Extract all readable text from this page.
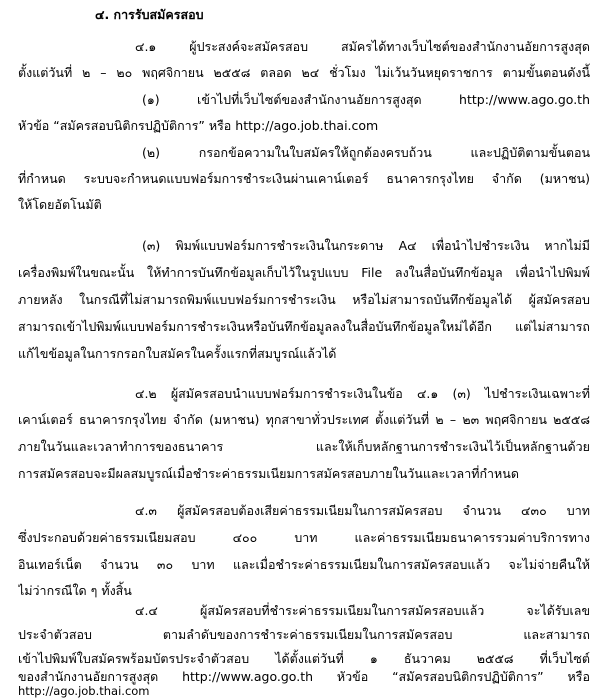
๔. การรับสมัครสอบ
๔.๑ ผู้ประสงค์จะสมัครสอบ สมัครได้ทางเว็บไซต์ของสำนักงานอัยการสูงสุด
ตั้งแต่วันที่ ๒ – ๒๐ พฤศจิกายน ๒๕๕๘ ตลอด ๒๔ ชั่วโมง ไม่เว้นวันหยุดราชการ ตามขั้นตอนดังนี้
(๑) เข้าไปที่เว็บไซต์ของสำนักงานอัยการสูงสุด http://www.ago.go.th
หัวข้อ “สมัครสอบนิติกรปฏิบัติการ” หรือ http://ago.job.thai.com
(๒) กรอกข้อความในใบสมัครให้ถูกต้องครบถ้วน และปฏิบัติตามขั้นตอน
ที่กำหนด ระบบจะกำหนดแบบฟอร์มการชำระเงินผ่านเคาน์เตอร์ ธนาคารกรุงไทย จำกัด (มหาชน)
ให้โดยอัตโนมัติ
(๓) พิมพ์แบบฟอร์มการชำระเงินในกระดาษ A๔ เพื่อนำไปชำระเงิน หากไม่มี
เครื่องพิมพ์ในขณะนั้น ให้ทำการบันทึกข้อมูลเก็บไว้ในรูปแบบ File ลงในสื่อบันทึกข้อมูล เพื่อนำไปพิมพ์
ภายหลัง ในกรณีที่ไม่สามารถพิมพ์แบบฟอร์มการชำระเงิน หรือไม่สามารถบันทึกข้อมูลได้ ผู้สมัครสอบ
สามารถเข้าไปพิมพ์แบบฟอร์มการชำระเงินหรือบันทึกข้อมูลลงในสื่อบันทึกข้อมูลใหม่ได้อีก แต่ไม่สามารถ
แก้ไขข้อมูลในการกรอกใบสมัครในครั้งแรกที่สมบูรณ์แล้วได้
๔.๒ ผู้สมัครสอบนำแบบฟอร์มการชำระเงินในข้อ ๔.๑ (๓) ไปชำระเงินเฉพาะที่
เคาน์เตอร์ ธนาคารกรุงไทย จำกัด (มหาชน) ทุกสาขาทั่วประเทศ ตั้งแต่วันที่ ๒ – ๒๓ พฤศจิกายน ๒๕๕๘
ภายในวันและเวลาทำการของธนาคาร และให้เก็บหลักฐานการชำระเงินไว้เป็นหลักฐานด้วย
การสมัครสอบจะมีผลสมบูรณ์เมื่อชำระค่าธรรมเนียมการสมัครสอบภายในวันและเวลาที่กำหนด
๔.๓ ผู้สมัครสอบต้องเสียค่าธรรมเนียมในการสมัครสอบ จำนวน ๔๓๐ บาท
ซึ่งประกอบด้วยค่าธรรมเนียมสอบ ๔๐๐ บาท และค่าธรรมเนียมธนาคารรวมค่าบริการทาง
อินเทอร์เน็ต จำนวน ๓๐ บาท และเมื่อชำระค่าธรรมเนียมในการสมัครสอบแล้ว จะไม่จ่ายคืนให้
ไม่ว่ากรณีใด ๆ ทั้งสิ้น
๔.๔ ผู้สมัครสอบที่ชำระค่าธรรมเนียมในการสมัครสอบแล้ว จะได้รับเลข
ประจำตัวสอบ ตามลำดับของการชำระค่าธรรมเนียมในการสมัครสอบ และสามารถ
เข้าไปพิมพ์ใบสมัครพร้อมบัตรประจำตัวสอบ ได้ตั้งแต่วันที่ ๑ ธันวาคม ๒๕๕๘ ที่เว็บไซต์
ของสำนักงานอัยการสูงสุด http://www.ago.go.th หัวข้อ “สมัครสอบนิติกรปฏิบัติการ” หรือ
http://ago.job.thai.com
